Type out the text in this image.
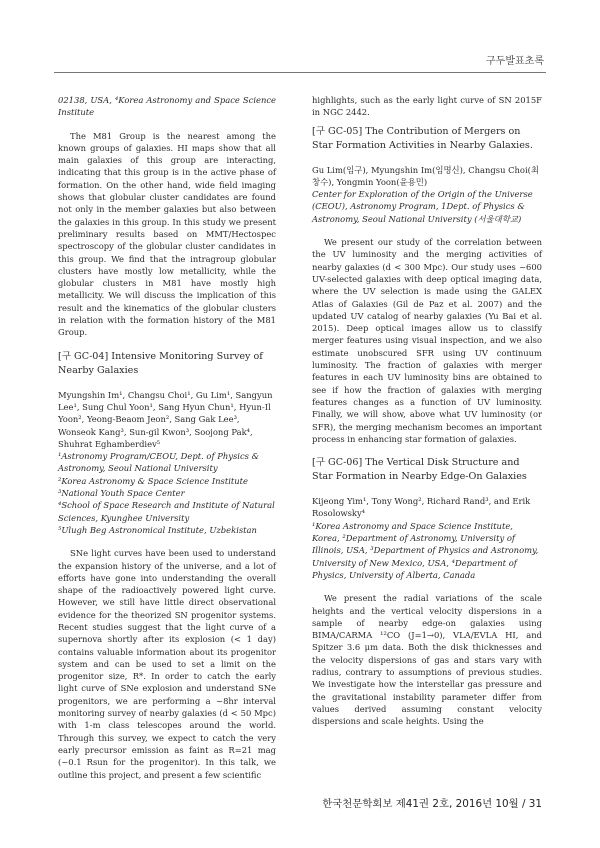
구두발표초록

02138, USA, ⁴Korea Astronomy and Space Science Institute

The M81 Group is the nearest among the known groups of galaxies. HI maps show that all main galaxies of this group are interacting, indicating that this group is in the active phase of formation. On the other hand, wide field imaging shows that globular cluster candidates are found not only in the member galaxies but also between the galaxies in this group. In this study we present preliminary results based on MMT/Hectospec spectroscopy of the globular cluster candidates in this group. We find that the intragroup globular clusters have mostly low metallicity, while the globular clusters in M81 have mostly high metallicity. We will discuss the implication of this result and the kinematics of the globular clusters in relation with the formation history of the M81 Group.

[구 GC-04] Intensive Monitoring Survey of Nearby Galaxies

Myungshin Im¹, Changsu Choi¹, Gu Lim¹, Sangyun Lee¹, Sung Chul Yoon¹, Sang Hyun Chun¹, Hyun-Il Yoon², Yeong-Beaom Jeon², Sang Gak Lee³, Wonseok Kang³, Sun-gil Kwon³, Soojong Pak⁴, Shuhrat Eghamberdiev⁵

¹Astronomy Program/CEOU, Dept. of Physics & Astronomy, Seoul National University

²Korea Astronomy & Space Science Institute

³National Youth Space Center

⁴School of Space Research and Institute of Natural Sciences, Kyunghee University

⁵Ulugh Beg Astronomical Institute, Uzbekistan

SNe light curves have been used to understand the expansion history of the universe, and a lot of efforts have gone into understanding the overall shape of the radioactively powered light curve. However, we still have little direct observational evidence for the theorized SN progenitor systems. Recent studies suggest that the light curve of a supernova shortly after its explosion (< 1 day) contains valuable information about its progenitor system and can be used to set a limit on the progenitor size, R*. In order to catch the early light curve of SNe explosion and understand SNe progenitors, we are performing a ~8hr interval monitoring survey of nearby galaxies (d < 50 Mpc) with 1-m class telescopes around the world. Through this survey, we expect to catch the very early precursor emission as faint as R=21 mag (~0.1 Rsun for the progenitor). In this talk, we outline this project, and present a few scientific

highlights, such as the early light curve of SN 2015F in NGC 2442.

[구 GC-05] The Contribution of Mergers on Star Formation Activities in Nearby Galaxies.

Gu Lim(임구), Myungshin Im(임명신), Changsu Choi(최창수), Yongmin Yoon(윤용민)

Center for Exploration of the Origin of the Universe (CEOU), Astronomy Program, 1Dept. of Physics & Astronomy, Seoul National University (서울대학교)

We present our study of the correlation between the UV luminosity and the merging activities of nearby galaxies (d < 300 Mpc). Our study uses ~600 UV-selected galaxies with deep optical imaging data, where the UV selection is made using the GALEX Atlas of Galaxies (Gil de Paz et al. 2007) and the updated UV catalog of nearby galaxies (Yu Bai et al. 2015). Deep optical images allow us to classify merger features using visual inspection, and we also estimate unobscured SFR using UV continuum luminosity. The fraction of galaxies with merger features in each UV luminosity bins are obtained to see if how the fraction of galaxies with merging features changes as a function of UV luminosity. Finally, we will show, above what UV luminosity (or SFR), the merging mechanism becomes an important process in enhancing star formation of galaxies.

[구 GC-06] The Vertical Disk Structure and Star Formation in Nearby Edge-On Galaxies

Kijeong Yim¹, Tony Wong², Richard Rand³, and Erik Rosolowsky⁴

¹Korea Astronomy and Space Science Institute, Korea, ²Department of Astronomy, University of Illinois, USA, ³Department of Physics and Astronomy, University of New Mexico, USA, ⁴Department of Physics, University of Alberta, Canada

We present the radial variations of the scale heights and the vertical velocity dispersions in a sample of nearby edge-on galaxies using BIMA/CARMA ¹²CO (J=1→0), VLA/EVLA HI, and Spitzer 3.6 μm data. Both the disk thicknesses and the velocity dispersions of gas and stars vary with radius, contrary to assumptions of previous studies. We investigate how the interstellar gas pressure and the gravitational instability parameter differ from values derived assuming constant velocity dispersions and scale heights. Using the

한국천문학회보 제41권 2호, 2016년 10월 / 31
